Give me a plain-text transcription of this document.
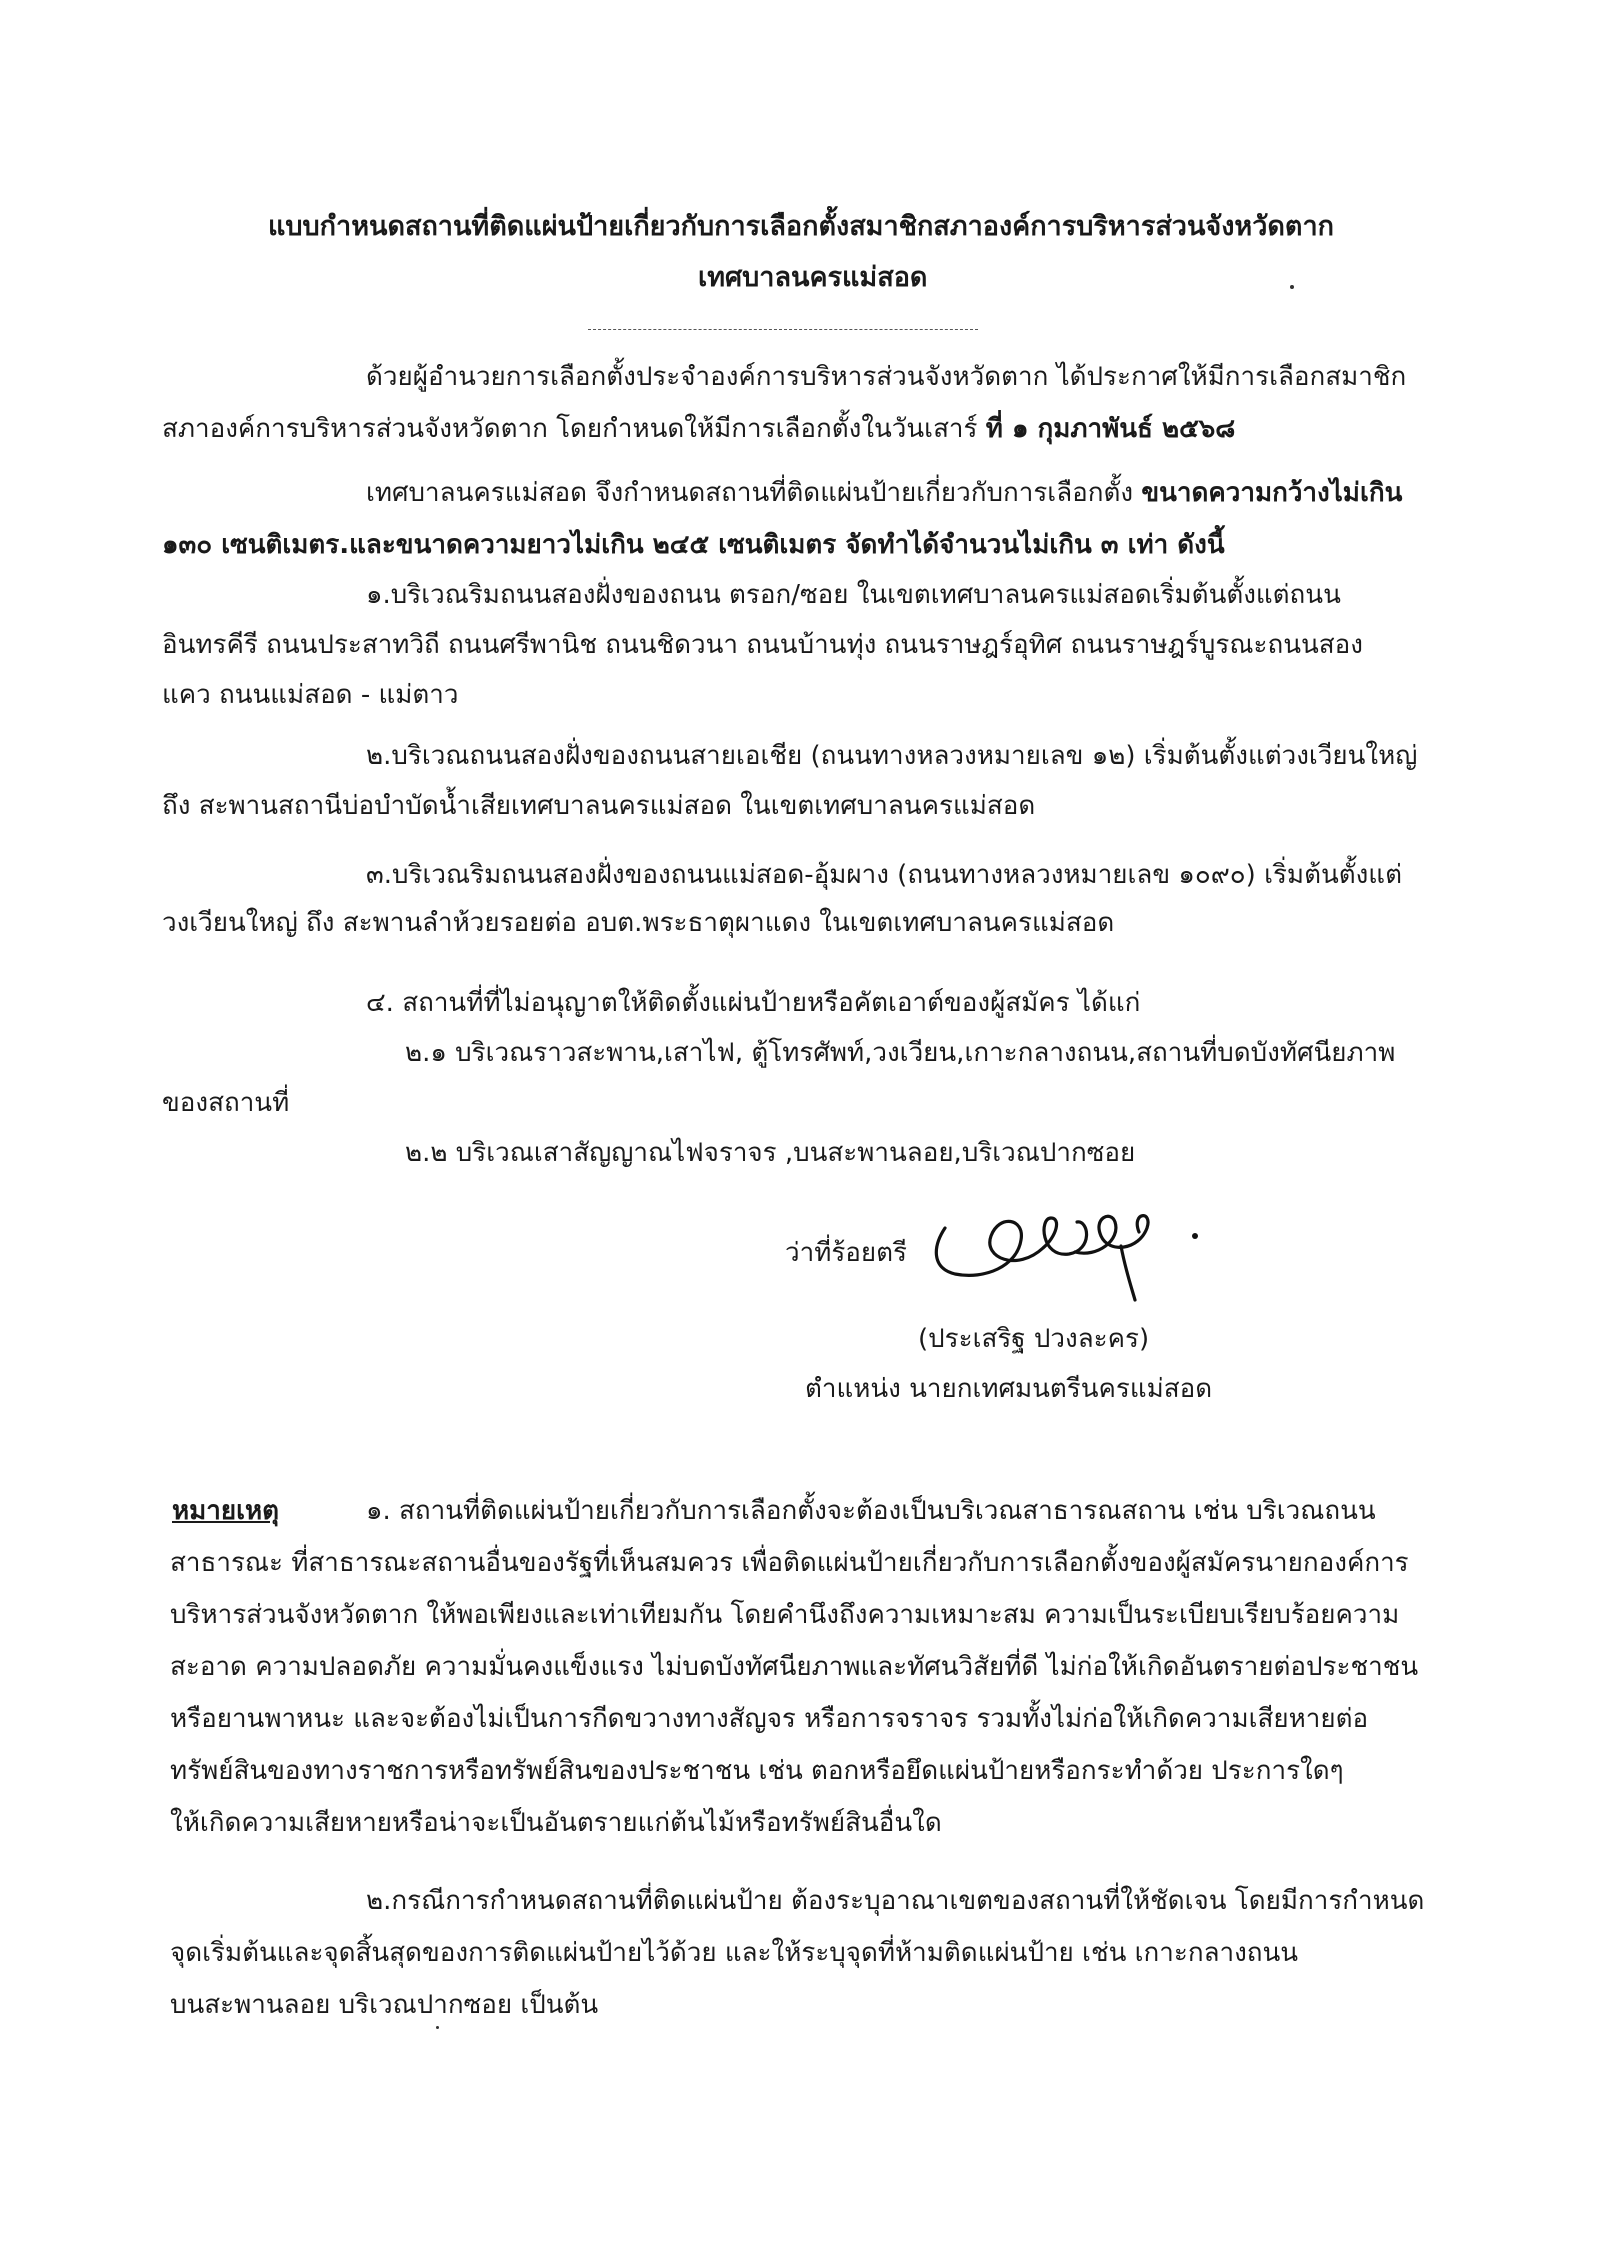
แบบกำหนดสถานที่ติดแผ่นป้ายเกี่ยวกับการเลือกตั้งสมาชิกสภาองค์การบริหารส่วนจังหวัดตาก
เทศบาลนครแม่สอด
ด้วยผู้อำนวยการเลือกตั้งประจำองค์การบริหารส่วนจังหวัดตาก ได้ประกาศให้มีการเลือกสมาชิก
สภาองค์การบริหารส่วนจังหวัดตาก โดยกำหนดให้มีการเลือกตั้งในวันเสาร์ ที่ ๑ กุมภาพันธ์ ๒๕๖๘
เทศบาลนครแม่สอด จึงกำหนดสถานที่ติดแผ่นป้ายเกี่ยวกับการเลือกตั้ง ขนาดความกว้างไม่เกิน
๑๓๐ เซนติเมตร.และขนาดความยาวไม่เกิน ๒๔๕ เซนติเมตร จัดทำได้จำนวนไม่เกิน ๓ เท่า ดังนี้
๑.บริเวณริมถนนสองฝั่งของถนน ตรอก/ซอย ในเขตเทศบาลนครแม่สอดเริ่มต้นตั้งแต่ถนน
อินทรคีรี ถนนประสาทวิถี ถนนศรีพานิช ถนนชิดวนา ถนนบ้านทุ่ง ถนนราษฎร์อุทิศ ถนนราษฎร์บูรณะถนนสอง
แคว ถนนแม่สอด - แม่ตาว
๒.บริเวณถนนสองฝั่งของถนนสายเอเชีย (ถนนทางหลวงหมายเลข ๑๒) เริ่มต้นตั้งแต่วงเวียนใหญ่
ถึง สะพานสถานีบ่อบำบัดน้ำเสียเทศบาลนครแม่สอด ในเขตเทศบาลนครแม่สอด
๓.บริเวณริมถนนสองฝั่งของถนนแม่สอด-อุ้มผาง (ถนนทางหลวงหมายเลข ๑๐๙๐) เริ่มต้นตั้งแต่
วงเวียนใหญ่ ถึง สะพานลำห้วยรอยต่อ อบต.พระธาตุผาแดง ในเขตเทศบาลนครแม่สอด
๔. สถานที่ที่ไม่อนุญาตให้ติดตั้งแผ่นป้ายหรือคัตเอาต์ของผู้สมัคร ได้แก่
๒.๑ บริเวณราวสะพาน,เสาไฟ, ตู้โทรศัพท์,วงเวียน,เกาะกลางถนน,สถานที่บดบังทัศนียภาพ
ของสถานที่
๒.๒ บริเวณเสาสัญญาณไฟจราจร ,บนสะพานลอย,บริเวณปากซอย
ว่าที่ร้อยตรี
(ประเสริฐ ปวงละคร)
ตำแหน่ง นายกเทศมนตรีนครแม่สอด
หมายเหตุ	๑. สถานที่ติดแผ่นป้ายเกี่ยวกับการเลือกตั้งจะต้องเป็นบริเวณสาธารณสถาน เช่น บริเวณถนน
สาธารณะ ที่สาธารณะสถานอื่นของรัฐที่เห็นสมควร เพื่อติดแผ่นป้ายเกี่ยวกับการเลือกตั้งของผู้สมัครนายกองค์การ
บริหารส่วนจังหวัดตาก ให้พอเพียงและเท่าเทียมกัน โดยคำนึงถึงความเหมาะสม ความเป็นระเบียบเรียบร้อยความ
สะอาด ความปลอดภัย ความมั่นคงแข็งแรง ไม่บดบังทัศนียภาพและทัศนวิสัยที่ดี ไม่ก่อให้เกิดอันตรายต่อประชาชน
หรือยานพาหนะ และจะต้องไม่เป็นการกีดขวางทางสัญจร หรือการจราจร รวมทั้งไม่ก่อให้เกิดความเสียหายต่อ
ทรัพย์สินของทางราชการหรือทรัพย์สินของประชาชน เช่น ตอกหรือยึดแผ่นป้ายหรือกระทำด้วย ประการใดๆ
ให้เกิดความเสียหายหรือน่าจะเป็นอันตรายแก่ต้นไม้หรือทรัพย์สินอื่นใด
๒.กรณีการกำหนดสถานที่ติดแผ่นป้าย ต้องระบุอาณาเขตของสถานที่ให้ชัดเจน โดยมีการกำหนด
จุดเริ่มต้นและจุดสิ้นสุดของการติดแผ่นป้ายไว้ด้วย และให้ระบุจุดที่ห้ามติดแผ่นป้าย เช่น เกาะกลางถนน
บนสะพานลอย บริเวณปากซอย เป็นต้น
